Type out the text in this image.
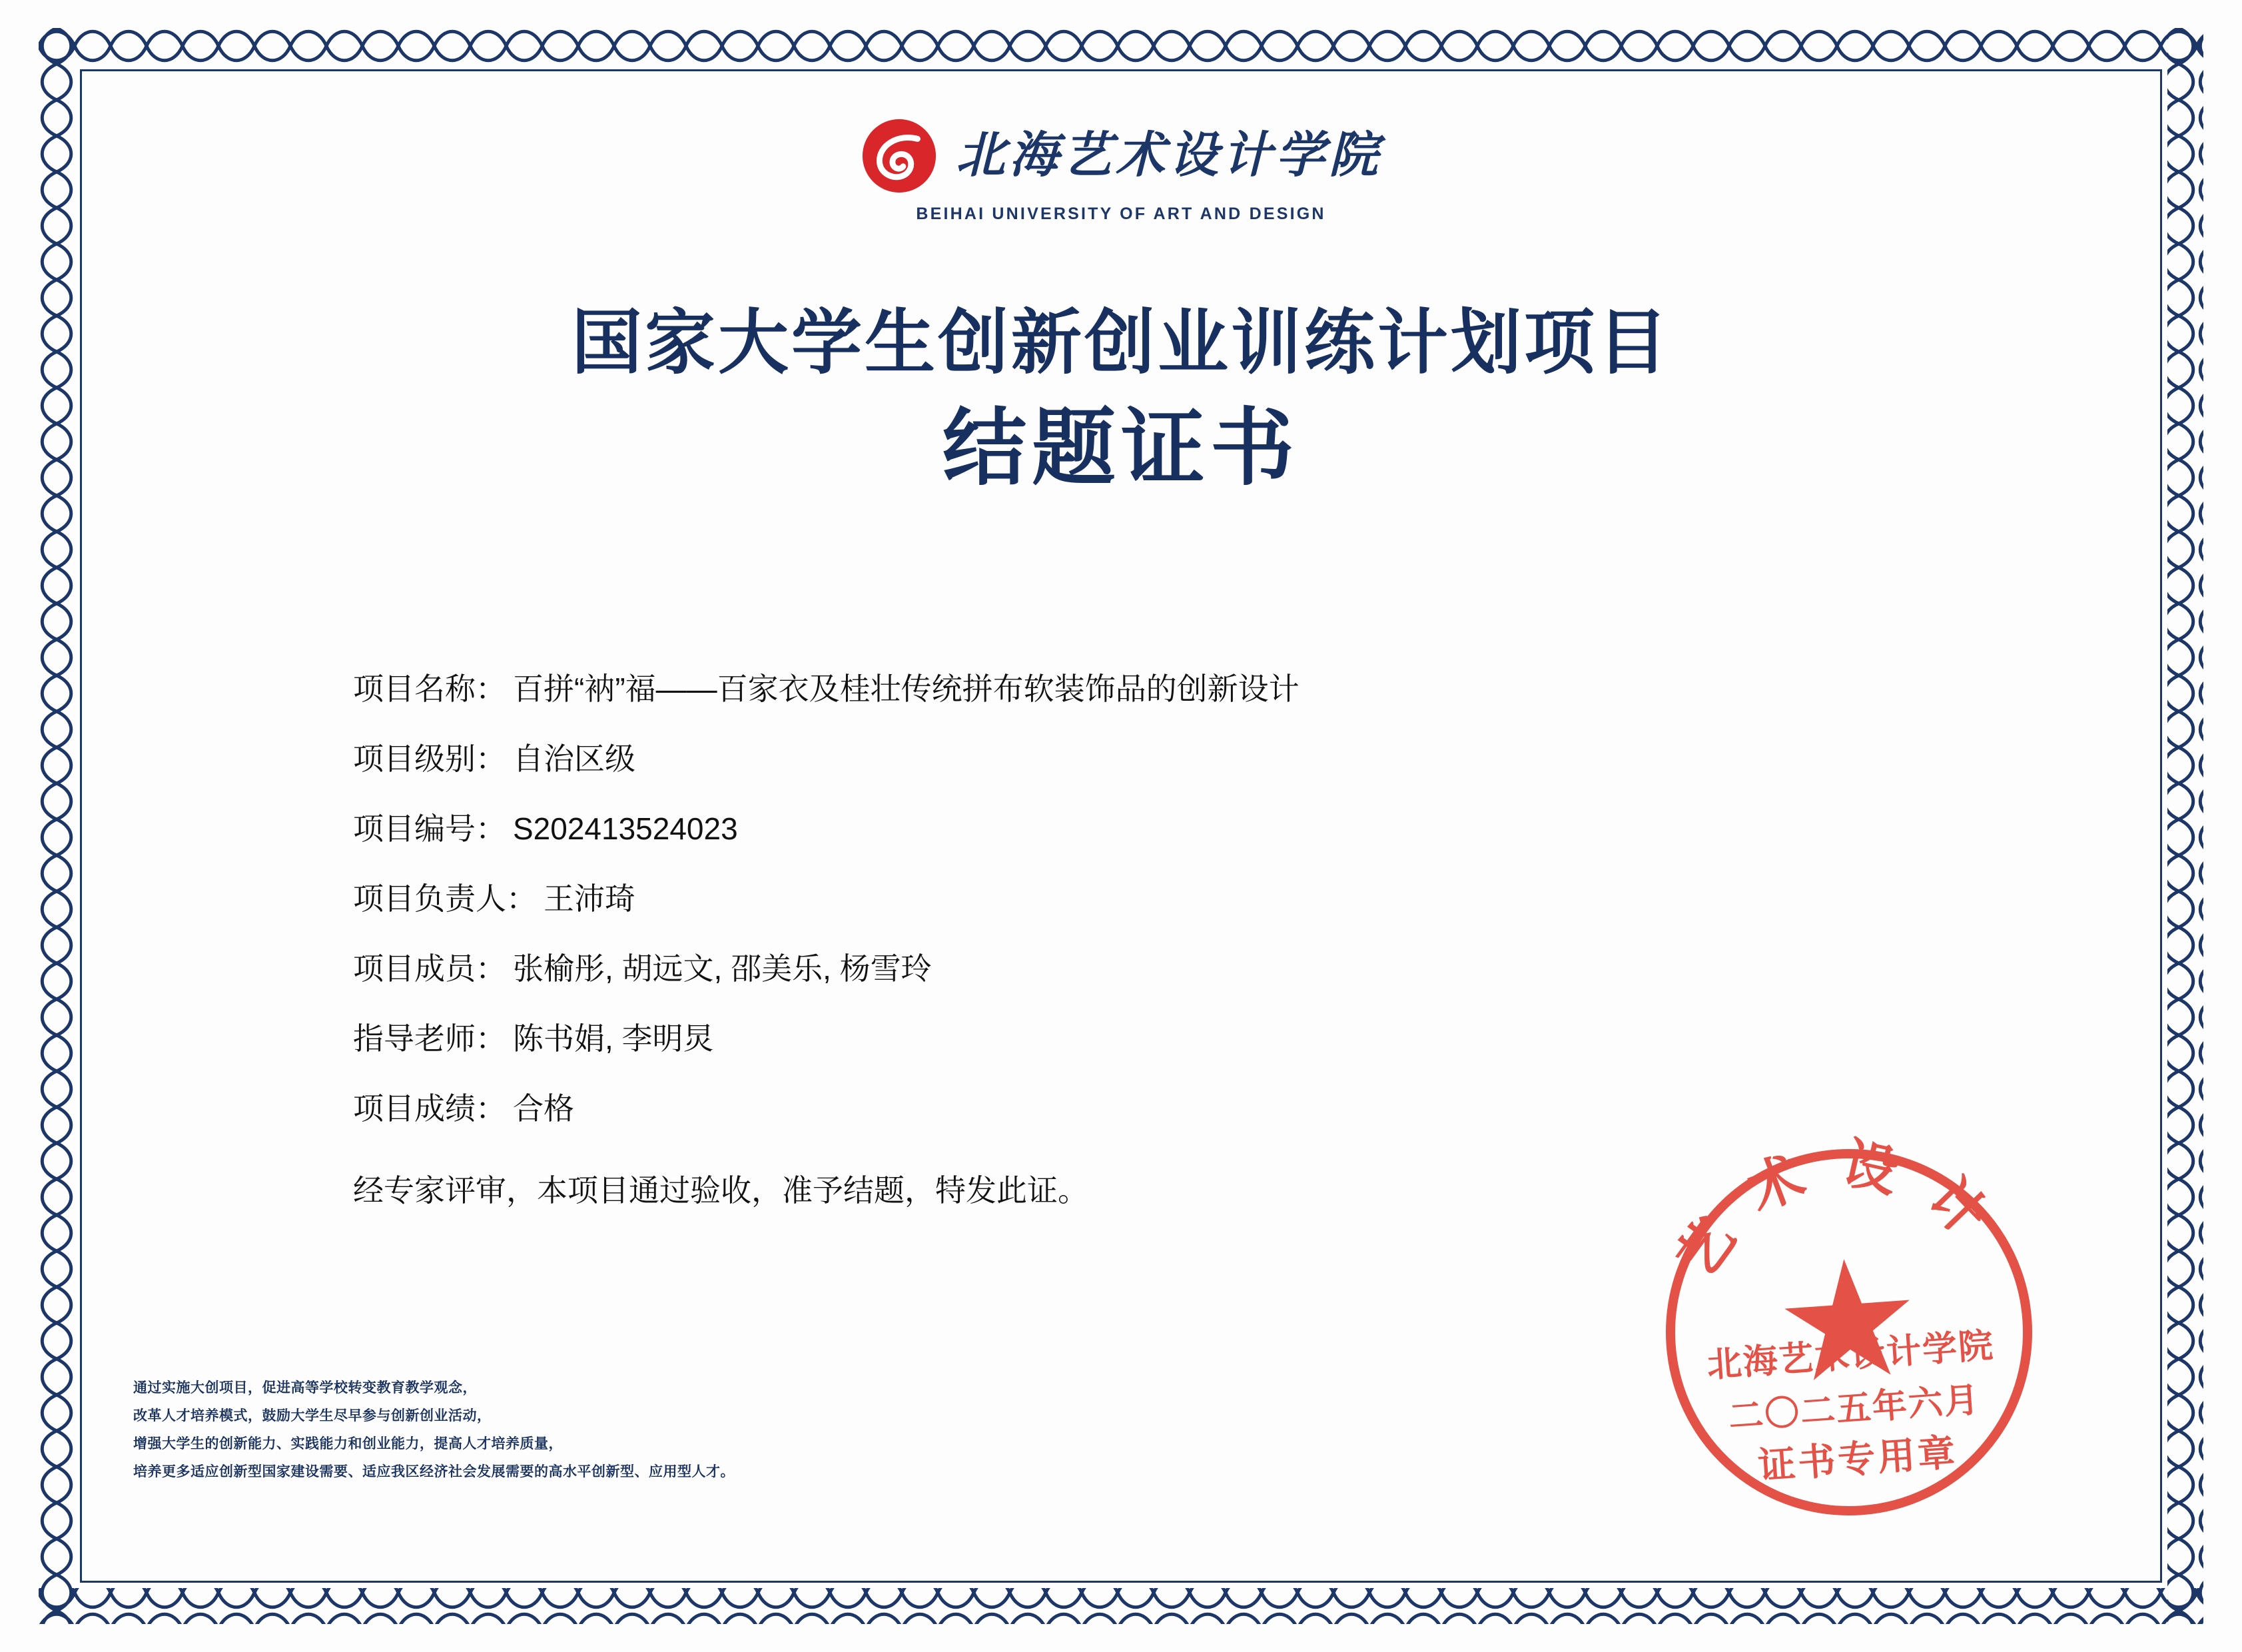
北海艺术设计学院
BEIHAI UNIVERSITY OF ART AND DESIGN
国家大学生创新创业训练计划项目
结题证书
项目名称： 百拼“衲”福——百家衣及桂壮传统拼布软装饰品的创新设计
项目级别： 自治区级
项目编号： S202413524023
项目负责人： 王沛琦
项目成员： 张榆彤, 胡远文, 邵美乐, 杨雪玲
指导老师： 陈书娟, 李明炅
项目成绩： 合格
经专家评审，本项目通过验收，准予结题，特发此证。
通过实施大创项目，促进高等学校转变教育教学观念，
改革人才培养模式，鼓励大学生尽早参与创新创业活动，
增强大学生的创新能力、实践能力和创业能力，提高人才培养质量，
培养更多适应创新型国家建设需要、适应我区经济社会发展需要的高水平创新型、应用型人才。
艺术设计
北海艺术设计学院
二〇二五年六月
证书专用章
